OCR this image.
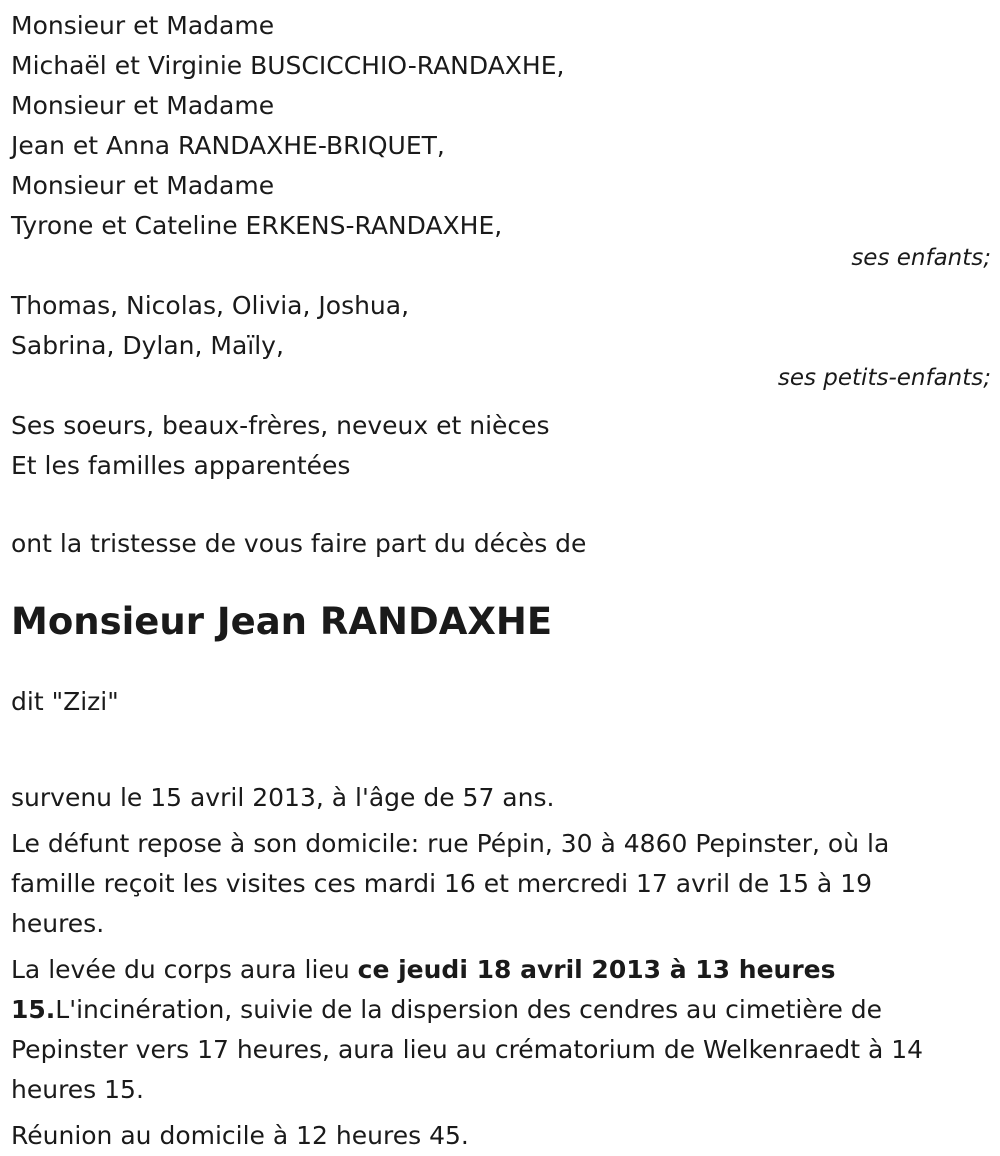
Monsieur et Madame
Michaël et Virginie BUSCICCHIO-RANDAXHE,
Monsieur et Madame
Jean et Anna RANDAXHE-BRIQUET,
Monsieur et Madame
Tyrone et Cateline ERKENS-RANDAXHE,
ses enfants;
Thomas, Nicolas, Olivia, Joshua,
Sabrina, Dylan, Maïly,
ses petits-enfants;
Ses soeurs, beaux-frères, neveux et nièces
Et les familles apparentées
ont la tristesse de vous faire part du décès de
Monsieur Jean RANDAXHE
dit "Zizi"
survenu le 15 avril 2013, à l'âge de 57 ans.
Le défunt repose à son domicile: rue Pépin, 30 à 4860 Pepinster, où la famille reçoit les visites ces mardi 16 et mercredi 17 avril de 15 à 19 heures.
La levée du corps aura lieu ce jeudi 18 avril 2013 à 13 heures 15.L'incinération, suivie de la dispersion des cendres au cimetière de Pepinster vers 17 heures, aura lieu au crématorium de Welkenraedt à 14 heures 15.
Réunion au domicile à 12 heures 45.
